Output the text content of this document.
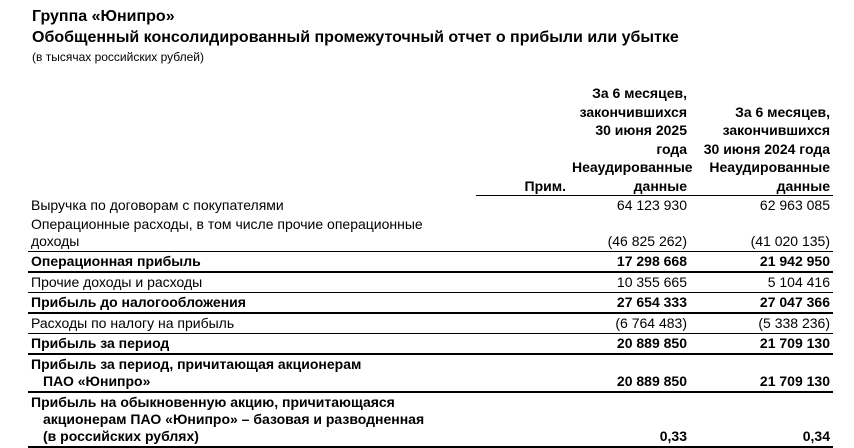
Группа «Юнипро»
Обобщенный консолидированный промежуточный отчет о прибыли или убытке
(в тысячах российских рублей)
	Прим.	За 6 месяцев,
закончившихся
30 июня 2025 года
Неаудированные
данные	За 6 месяцев,
закончившихся
30 июня 2024 года
Неаудированные
данные

Выручка по договорам с покупателями		64 123 930	62 963 085

Операционные расходы, в том числе прочие операционные
доходы		(46 825 262)	(41 020 135)
Операционная прибыль		17 298 668	21 942 950
Прочие доходы и расходы		10 355 665	5 104 416
Прибыль до налогообложения		27 654 333	27 047 366
Расходы по налогу на прибыль		(6 764 483)	(5 338 236)
Прибыль за период		20 889 850	21 709 130

Прибыль за период, причитающая акционерам
ПАО «Юнипро»		20 889 850	21 709 130

Прибыль на обыкновенную акцию, причитающаяся
акционерам ПАО «Юнипро» – базовая и разводненная
(в российских рублях)		0,33	0,34
